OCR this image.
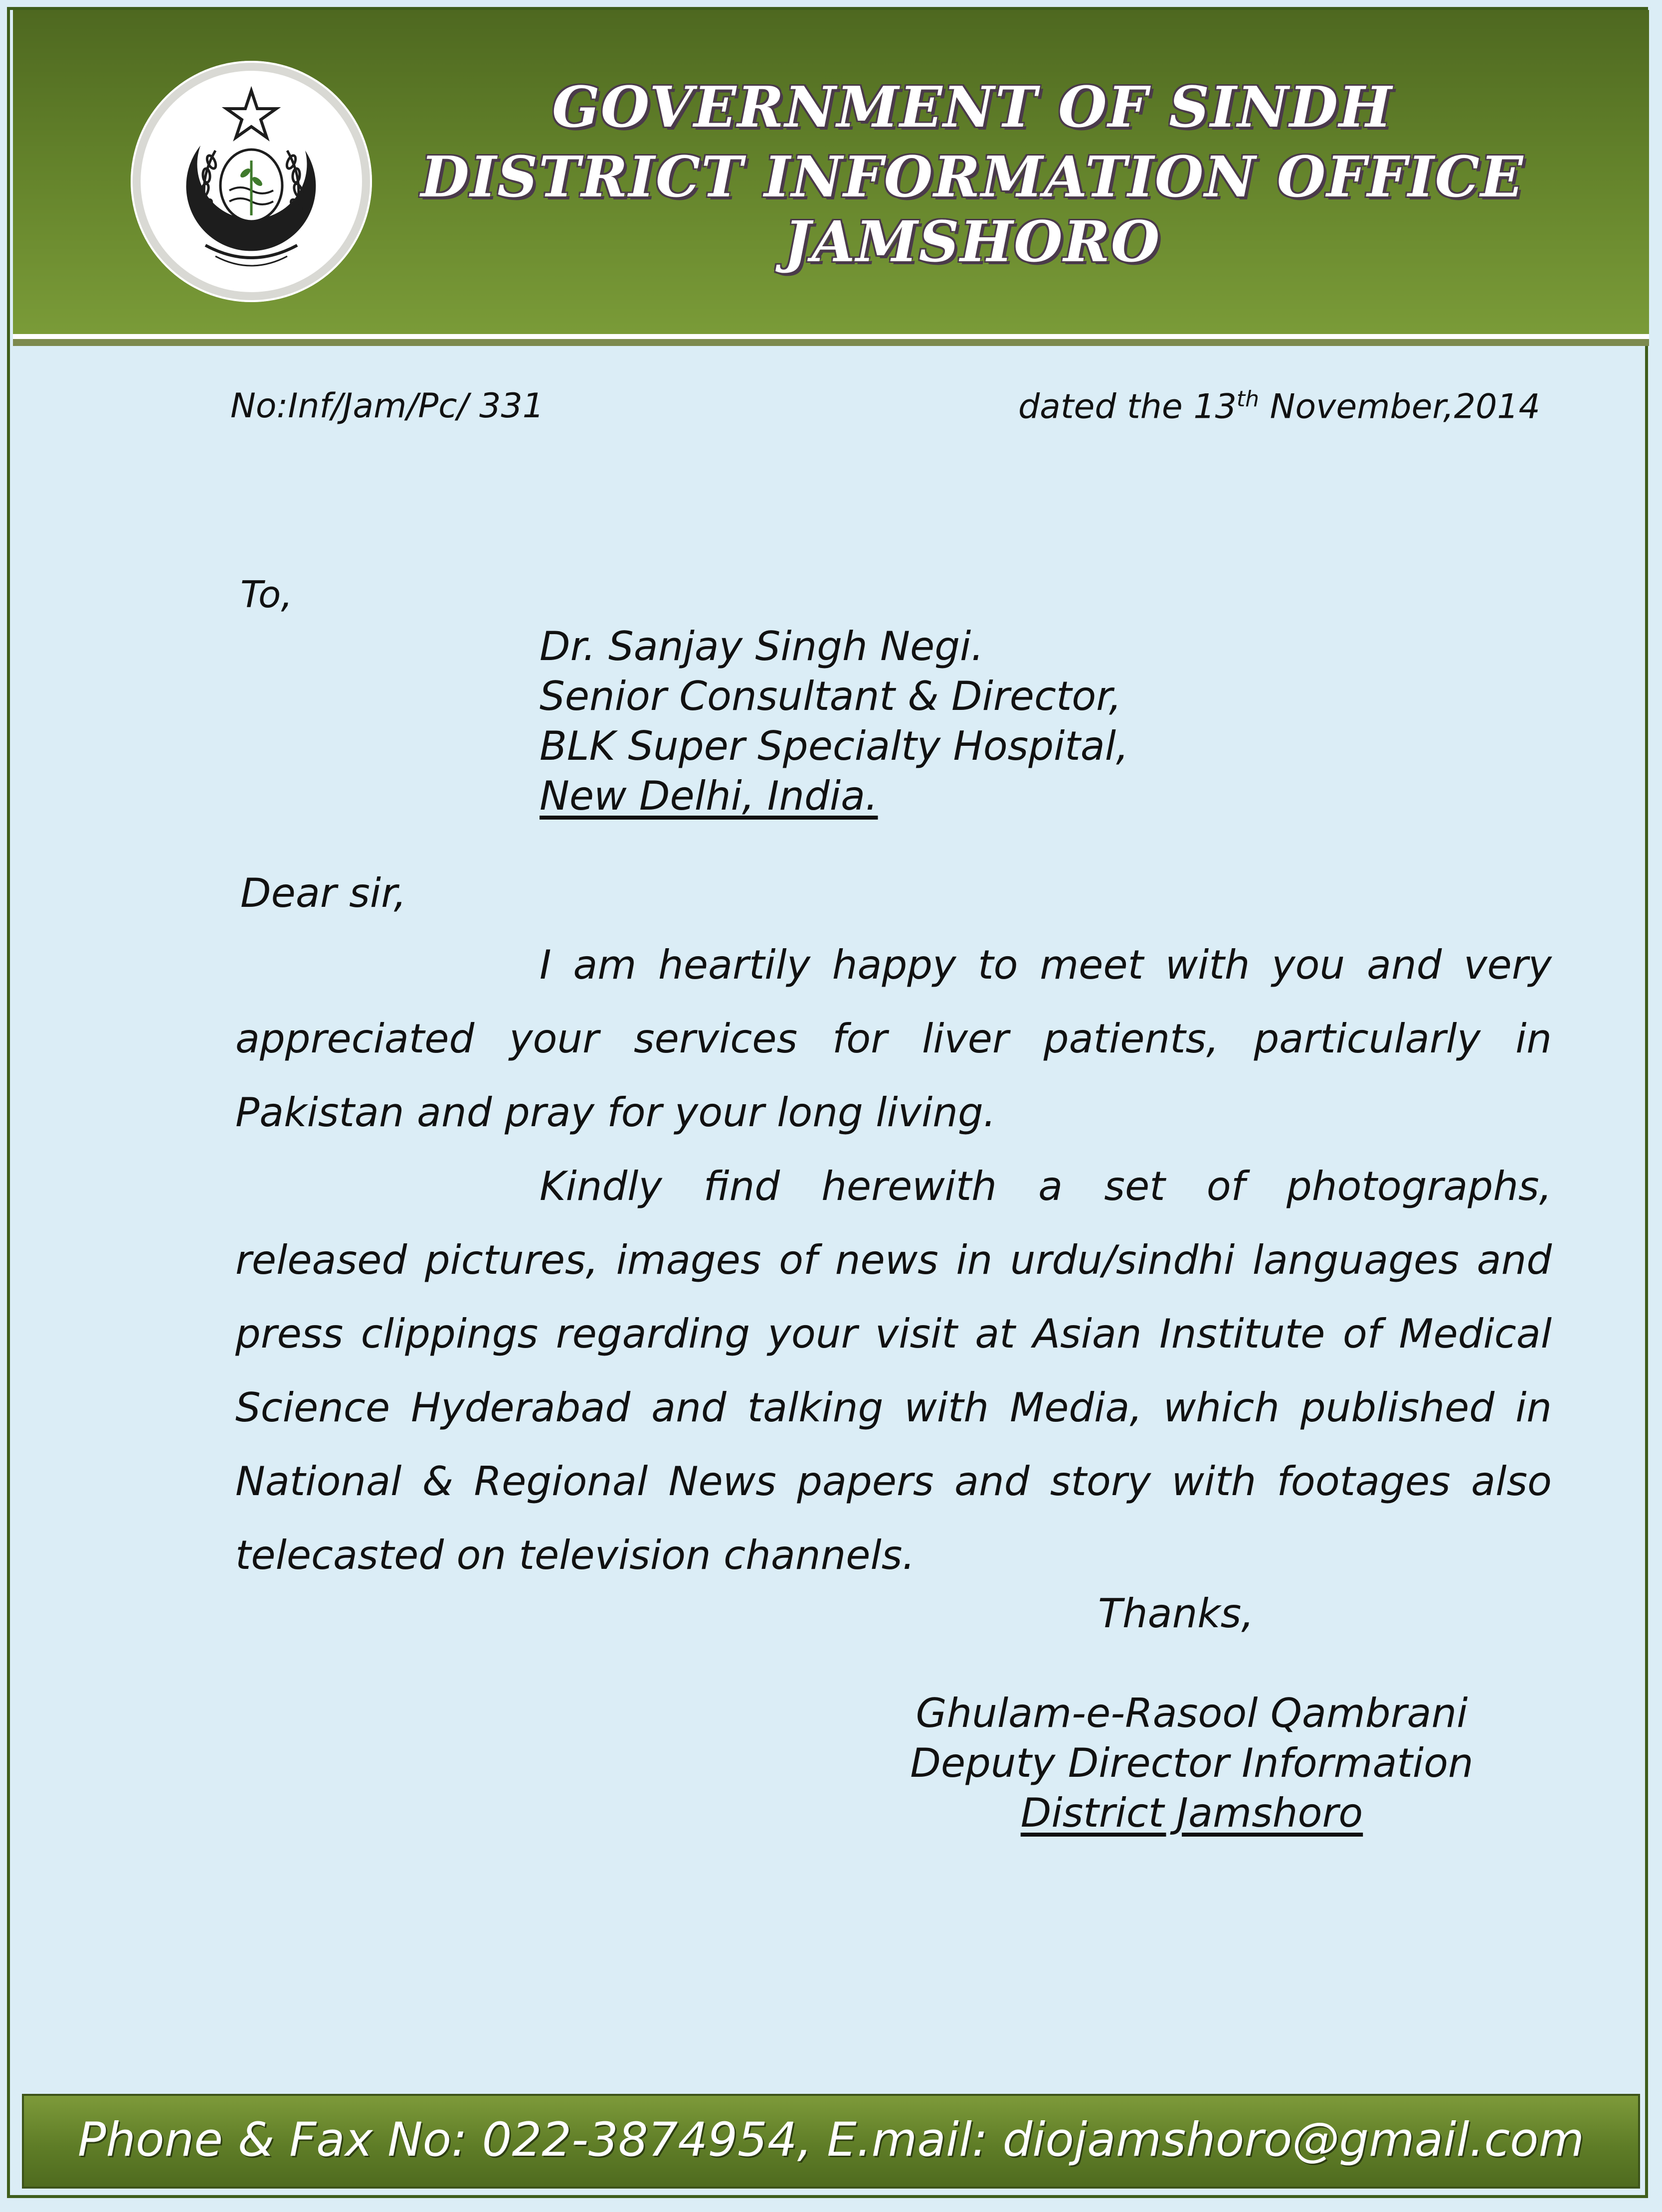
GOVERNMENT OF SINDH
DISTRICT INFORMATION OFFICE
JAMSHORO
No:Inf/Jam/Pc/ 331	dated the 13th November,2014
To,
Dr. Sanjay Singh Negi.
Senior Consultant & Director,
BLK Super Specialty Hospital,
New Delhi, India.
Dear sir,

I am heartily happy to meet with you and very appreciated your services for liver patients, particularly in Pakistan and pray for your long living.

Kindly find herewith a set of photographs, released pictures, images of news in urdu/sindhi languages and press clippings regarding your visit at Asian Institute of Medical Science Hyderabad and talking with Media, which published in National & Regional News papers and story with footages also telecasted on television channels.

Thanks,
Ghulam-e-Rasool Qambrani
Deputy Director Information
District Jamshoro
Phone & Fax No: 022-3874954, E.mail: diojamshoro@gmail.com
